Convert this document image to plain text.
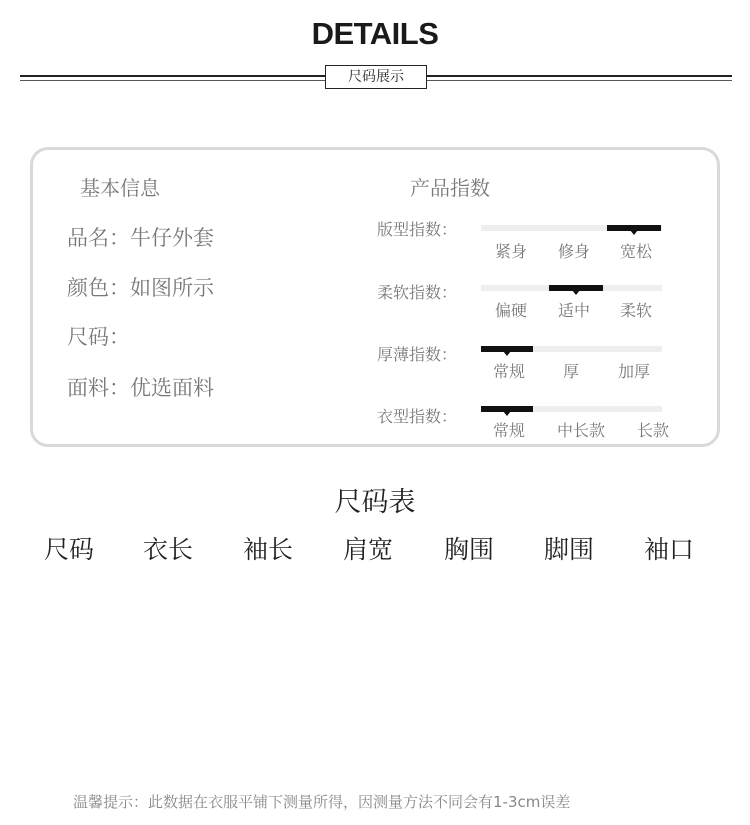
DETAILS
尺码展示
基本信息	产品指数
品名：牛仔外套
颜色：如图所示
尺码：
面料：优选面料
版型指数：
紧身	修身	宽松
柔软指数：
偏硬	适中	柔软
厚薄指数：
常规	厚	加厚
衣型指数：
常规	中长款	长款
尺码表
尺码	衣长	袖长	肩宽	胸围	脚围	袖口
温馨提示：此数据在衣服平铺下测量所得，因测量方法不同会有1-3cm误差
